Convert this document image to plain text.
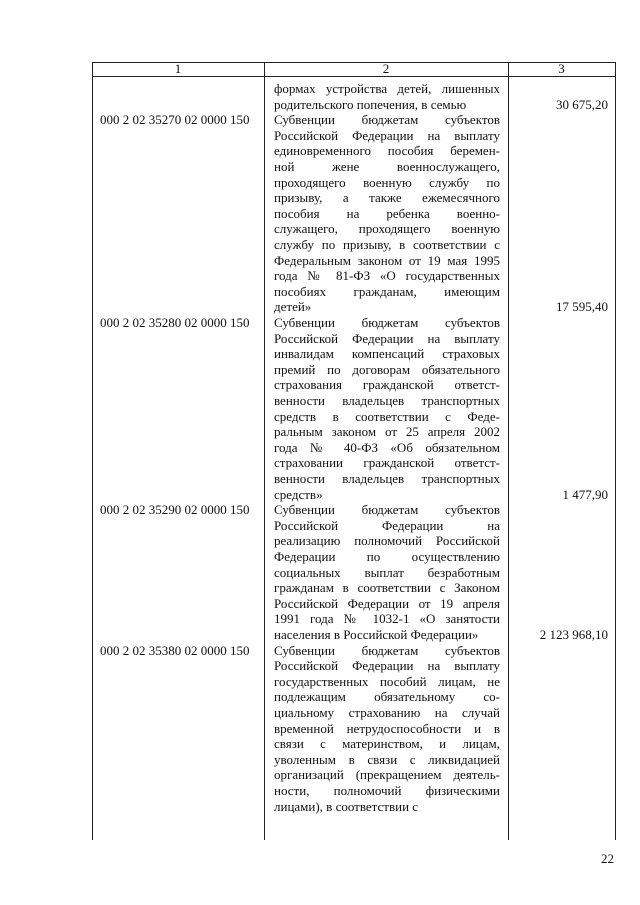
1	2	3
формах устройства детей, лишенных
родительского попечения, в семью
000 2 02 35270 02 0000 150
30 675,20
Субвенции бюджетам субъектов
Российской Федерации на выплату
единовременного пособия беремен-
ной жене военнослужащего,
проходящего военную службу по
призыву, а также ежемесячного
пособия на ребенка военно-
служащего, проходящего военную
службу по призыву, в соответствии с
Федеральным законом от 19 мая 1995
года № 81-ФЗ «О государственных
пособиях гражданам, имеющим
детей»
000 2 02 35280 02 0000 150
17 595,40
Субвенции бюджетам субъектов
Российской Федерации на выплату
инвалидам компенсаций страховых
премий по договорам обязательного
страхования гражданской ответст-
венности владельцев транспортных
средств в соответствии с Феде-
ральным законом от 25 апреля 2002
года № 40-ФЗ «Об обязательном
страховании гражданской ответст-
венности владельцев транспортных
средств»
000 2 02 35290 02 0000 150
1 477,90
Субвенции бюджетам субъектов
Российской Федерации на
реализацию полномочий Российской
Федерации по осуществлению
социальных выплат безработным
гражданам в соответствии с Законом
Российской Федерации от 19 апреля
1991 года № 1032-1 «О занятости
населения в Российской Федерации»
000 2 02 35380 02 0000 150
2 123 968,10
Субвенции бюджетам субъектов
Российской Федерации на выплату
государственных пособий лицам, не
подлежащим обязательному со-
циальному страхованию на случай
временной нетрудоспособности и в
связи с материнством, и лицам,
уволенным в связи с ликвидацией
организаций (прекращением деятель-
ности, полномочий физическими
лицами), в соответствии с
22
